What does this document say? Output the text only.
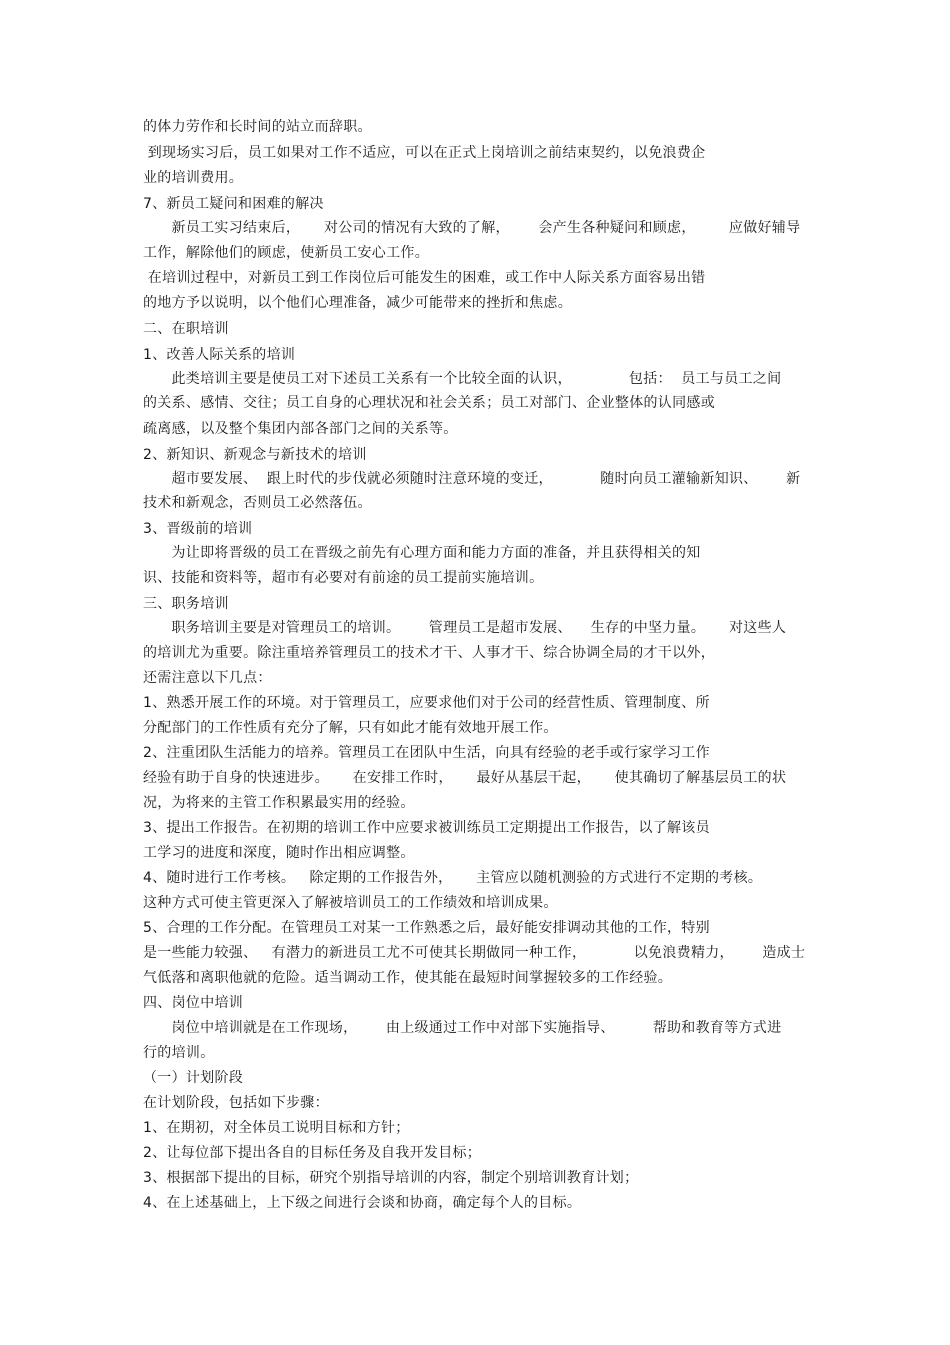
的体力劳作和长时间的站立而辞职。
到现场实习后，员工如果对工作不适应，可以在正式上岗培训之前结束契约，以免浪费企
业的培训费用。
7、新员工疑问和困难的解决
新员工实习结束后，     对公司的情况有大致的了解，      会产生各种疑问和顾虑，       应做好辅导
工作，解除他们的顾虑，使新员工安心工作。
在培训过程中，对新员工到工作岗位后可能发生的困难，或工作中人际关系方面容易出错
的地方予以说明，以个他们心理准备，减少可能带来的挫折和焦虑。
二、在职培训
1、改善人际关系的培训
此类培训主要是使员工对下述员工关系有一个比较全面的认识，            包括：  员工与员工之间
的关系、感情、交往；员工自身的心理状况和社会关系；员工对部门、企业整体的认同感或
疏离感，以及整个集团内部各部门之间的关系等。
2、新知识、新观念与新技术的培训
超市要发展、  跟上时代的步伐就必须随时注意环境的变迁，          随时向员工灌输新知识、      新
技术和新观念，否则员工必然落伍。
3、晋级前的培训
为让即将晋级的员工在晋级之前先有心理方面和能力方面的准备，并且获得相关的知
识、技能和资料等，超市有必要对有前途的员工提前实施培训。
三、职务培训
职务培训主要是对管理员工的培训。      管理员工是超市发展、    生存的中坚力量。     对这些人
的培训尤为重要。除注重培养管理员工的技术才干、人事才干、综合协调全局的才干以外，
还需注意以下几点：
1、熟悉开展工作的环境。对于管理员工，应要求他们对于公司的经营性质、管理制度、所
分配部门的工作性质有充分了解，只有如此才能有效地开展工作。
2、注重团队生活能力的培养。管理员工在团队中生活，向具有经验的老手或行家学习工作
经验有助于自身的快速进步。     在安排工作时，     最好从基层干起，     使其确切了解基层员工的状
况，为将来的主管工作积累最实用的经验。
3、提出工作报告。在初期的培训工作中应要求被训练员工定期提出工作报告，以了解该员
工学习的进度和深度，随时作出相应调整。
4、随时进行工作考核。   除定期的工作报告外，     主管应以随机测验的方式进行不定期的考核。
这种方式可使主管更深入了解被培训员工的工作绩效和培训成果。
5、合理的工作分配。在管理员工对某一工作熟悉之后，最好能安排调动其他的工作，特别
是一些能力较强、   有潜力的新进员工尤不可使其长期做同一种工作，          以免浪费精力，      造成士
气低落和离职他就的危险。适当调动工作，使其能在最短时间掌握较多的工作经验。
四、岗位中培训
岗位中培训就是在工作现场，      由上级通过工作中对部下实施指导、        帮助和教育等方式进
行的培训。
（一）计划阶段
在计划阶段，包括如下步骤：
1、在期初，对全体员工说明目标和方针；
2、让每位部下提出各自的目标任务及自我开发目标；
3、根据部下提出的目标，研究个别指导培训的内容，制定个别培训教育计划；
4、在上述基础上，上下级之间进行会谈和协商，确定每个人的目标。
